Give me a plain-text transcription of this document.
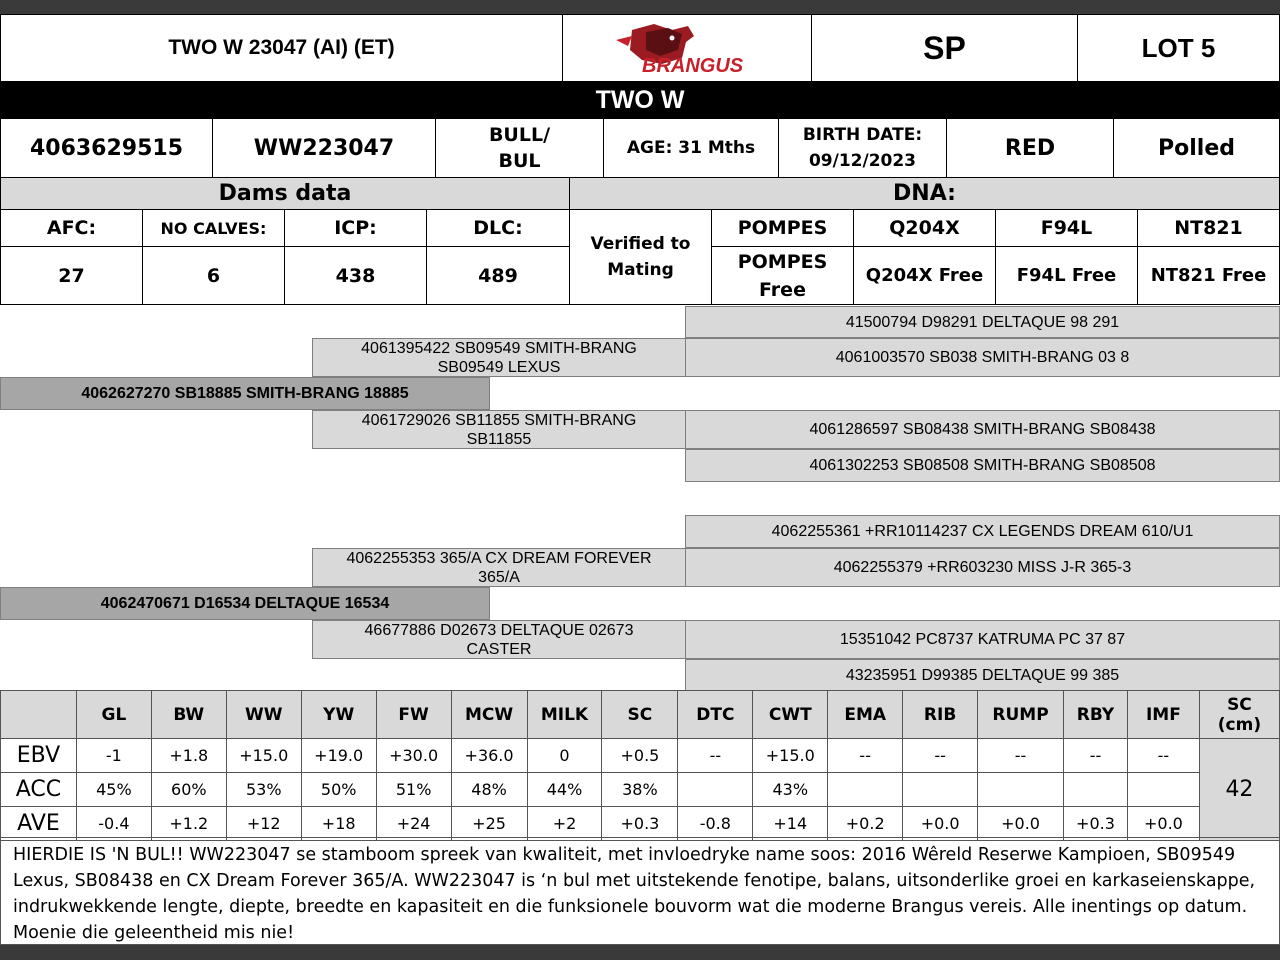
TWO W 23047 (AI) (ET)
BRANGUS
SP	LOT 5
TWO W
4063629515	WW223047
BULL/
BUL
AGE: 31 Mths
BIRTH DATE:
09/12/2023
RED	Polled
Dams data	DNA:
AFC:	NO CALVES:	ICP:	DLC:
27	6	438	489
Verified to
Mating
POMPES	Q204X	F94L	NT821
POMPES Free
Q204X Free	F94L Free	NT821 Free
41500794 D98291 DELTAQUE 98 291
4061395422 SB09549 SMITH-BRANG SB09549 LEXUS
4061003570 SB038 SMITH-BRANG 03 8
4062627270 SB18885 SMITH-BRANG 18885
4061729026 SB11855 SMITH-BRANG SB11855
4061286597 SB08438 SMITH-BRANG SB08438
4061302253 SB08508 SMITH-BRANG SB08508
4062255361 +RR10114237 CX LEGENDS DREAM 610/U1
4062255353 365/A CX DREAM FOREVER 365/A
4062255379 +RR603230 MISS J-R 365-3
4062470671 D16534 DELTAQUE 16534
46677886 D02673 DELTAQUE 02673 CASTER
15351042 PC8737 KATRUMA PC 37 87
43235951 D99385 DELTAQUE 99 385
	GL	BW	WW	YW	FW	MCW	MILK	SC	DTC	CWT	EMA	RIB	RUMP	RBY	IMF	SC (cm)
EBV	-1	+1.8	+15.0	+19.0	+30.0	+36.0	0	+0.5	--	+15.0	--	--	--	--	--	42
ACC	45%	60%	53%	50%	51%	48%	44%	38%		43%						
AVE	-0.4	+1.2	+12	+18	+24	+25	+2	+0.3	-0.8	+14	+0.2	+0.0	+0.0	+0.3	+0.0	
HIERDIE IS 'N BUL!! WW223047 se stamboom spreek van kwaliteit, met invloedryke name soos: 2016 Wêreld Reserwe Kampioen, SB09549 Lexus, SB08438 en CX Dream Forever 365/A. WW223047 is ‘n bul met uitstekende fenotipe, balans, uitsonderlike groei en karkaseienskappe, indrukwekkende lengte, diepte, breedte en kapasiteit en die funksionele bouvorm wat die moderne Brangus vereis. Alle inentings op datum. Moenie die geleentheid mis nie!
